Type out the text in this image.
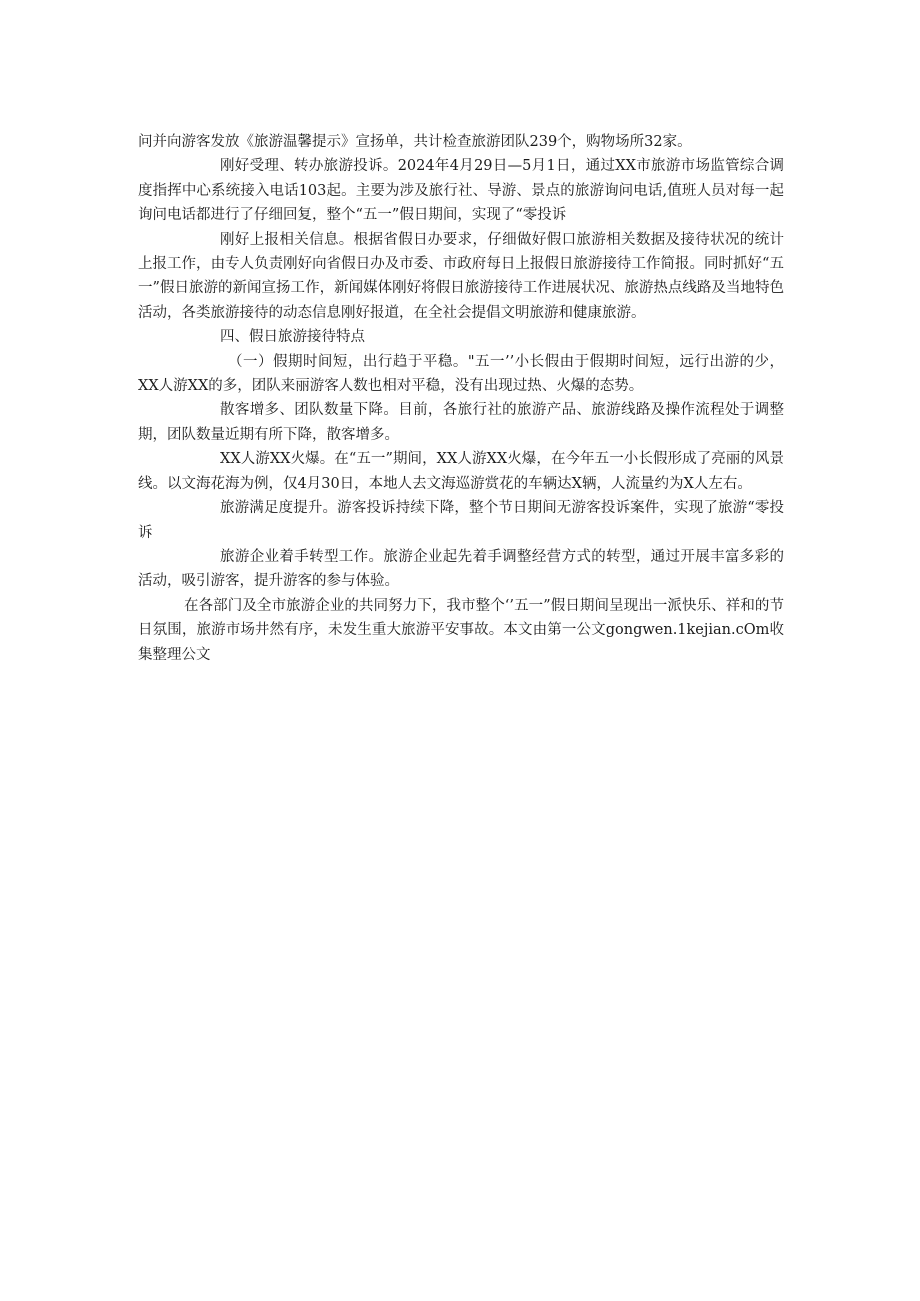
问并向游客发放《旅游温馨提示》宣扬单，共计检查旅游团队239个，购物场所32家。

刚好受理、转办旅游投诉。2024年4月29日—5月1日，通过XX市旅游市场监管综合调度指挥中心系统接入电话103起。主要为涉及旅行社、导游、景点的旅游询问电话,值班人员对每一起询问电话都进行了仔细回复，整个“五一”假日期间，实现了“零投诉

刚好上报相关信息。根据省假日办要求，仔细做好假口旅游相关数据及接待状况的统计上报工作，由专人负责刚好向省假日办及市委、市政府每日上报假日旅游接待工作简报。同时抓好“五一”假日旅游的新闻宣扬工作，新闻媒体刚好将假日旅游接待工作进展状况、旅游热点线路及当地特色活动，各类旅游接待的动态信息刚好报道，在全社会提倡文明旅游和健康旅游。

四、假日旅游接待特点

（一）假期时间短，出行趋于平稳。"五一’’小长假由于假期时间短，远行出游的少，XX人游XX的多，团队来丽游客人数也相对平稳，没有出现过热、火爆的态势。

散客增多、团队数量下降。目前，各旅行社的旅游产品、旅游线路及操作流程处于调整期，团队数量近期有所下降，散客增多。

XX人游XX火爆。在“五一”期间，XX人游XX火爆，在今年五一小长假形成了亮丽的风景线。以文海花海为例，仅4月30日，本地人去文海巡游赏花的车辆达X辆，人流量约为X人左右。

旅游满足度提升。游客投诉持续下降，整个节日期间无游客投诉案件，实现了旅游“零投诉

旅游企业着手转型工作。旅游企业起先着手调整经营方式的转型，通过开展丰富多彩的活动，吸引游客，提升游客的参与体验。

在各部门及全市旅游企业的共同努力下，我市整个‘’五一”假日期间呈现出一派快乐、祥和的节日氛围，旅游市场井然有序，未发生重大旅游平安事故。本文由第一公文gongwen.1kejian.cOm收集整理公文
